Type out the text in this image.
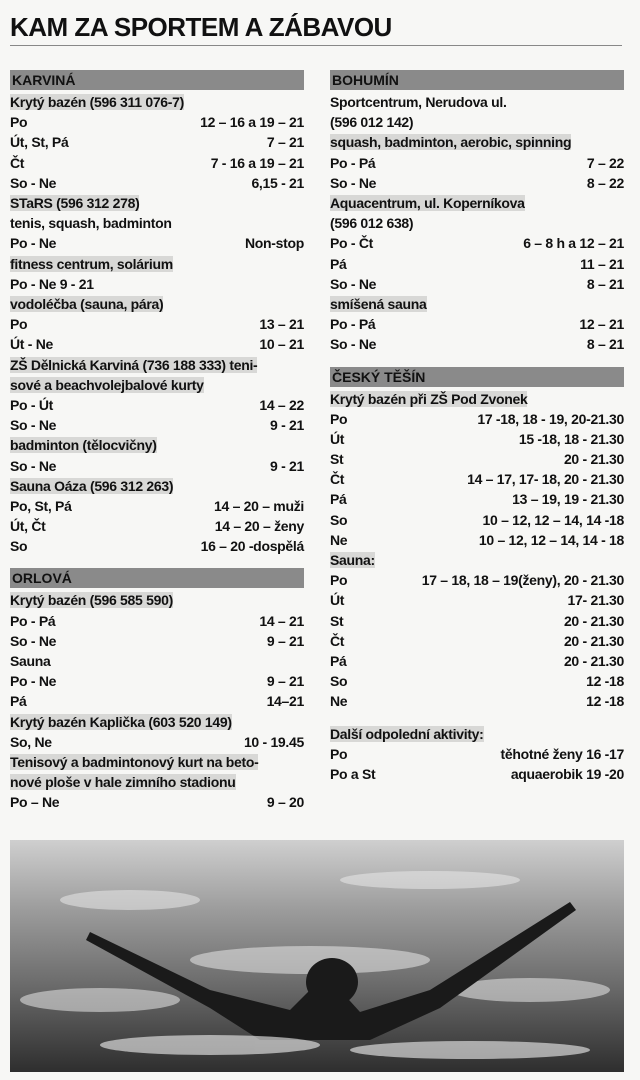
KAM ZA SPORTEM A ZÁBAVOU
KARVINÁ
Krytý bazén (596 311 076-7)
Po	12 – 16 a 19 – 21
Út, St, Pá	7 – 21
Čt	7 - 16 a 19 – 21
So - Ne	6,15 - 21
STaRS (596 312 278)
tenis, squash, badminton
Po - Ne	Non-stop
fitness centrum, solárium
Po - Ne 9 - 21
vodoléčba (sauna, pára)
Po	13 – 21
Út - Ne	10 – 21
ZŠ Dělnická Karviná (736 188 333) teni-
sové a beachvolejbalové kurty
Po - Út	14 – 22
So - Ne	9 - 21
badminton (tělocvičny)
So - Ne	9 - 21
Sauna Oáza (596 312 263)
Po, St, Pá	14 – 20 – muži
Út, Čt	14 – 20 – ženy
So	16 – 20 -dospělá
ORLOVÁ
Krytý bazén (596 585 590)
Po - Pá	14 – 21
So - Ne	9 – 21
Sauna
Po - Ne	9 – 21
Pá	14–21
Krytý bazén Kaplička (603 520 149)
So, Ne	10 - 19.45
Tenisový a badmintonový kurt na beto-
nové ploše v hale zimního stadionu
Po – Ne	9 – 20
BOHUMÍN
Sportcentrum, Nerudova ul.
(596 012 142)
squash, badminton, aerobic, spinning
Po - Pá	7 – 22
So - Ne	8 – 22
Aquacentrum, ul. Koperníkova
(596 012 638)
Po - Čt	6 – 8 h a 12 – 21
Pá	11 – 21
So - Ne	8 – 21
smíšená sauna
Po - Pá	12 – 21
So - Ne	8 – 21
ČESKÝ TĚŠÍN
Krytý bazén při ZŠ Pod Zvonek
Po	17 -18, 18 - 19, 20-21.30
Út	15 -18, 18 - 21.30
St	20 - 21.30
Čt	14 – 17, 17- 18, 20 - 21.30
Pá	13 – 19, 19 - 21.30
So	10 – 12, 12 – 14, 14 -18
Ne	10 – 12, 12 – 14, 14 - 18
Sauna:
Po	17 – 18, 18 – 19(ženy), 20 - 21.30
Út	17- 21.30
St	20 - 21.30
Čt	20 - 21.30
Pá	20 - 21.30
So	12 -18
Ne	12 -18
Další odpolední aktivity:
Po	těhotné ženy 16 -17
Po a St	aquaerobik 19 -20
